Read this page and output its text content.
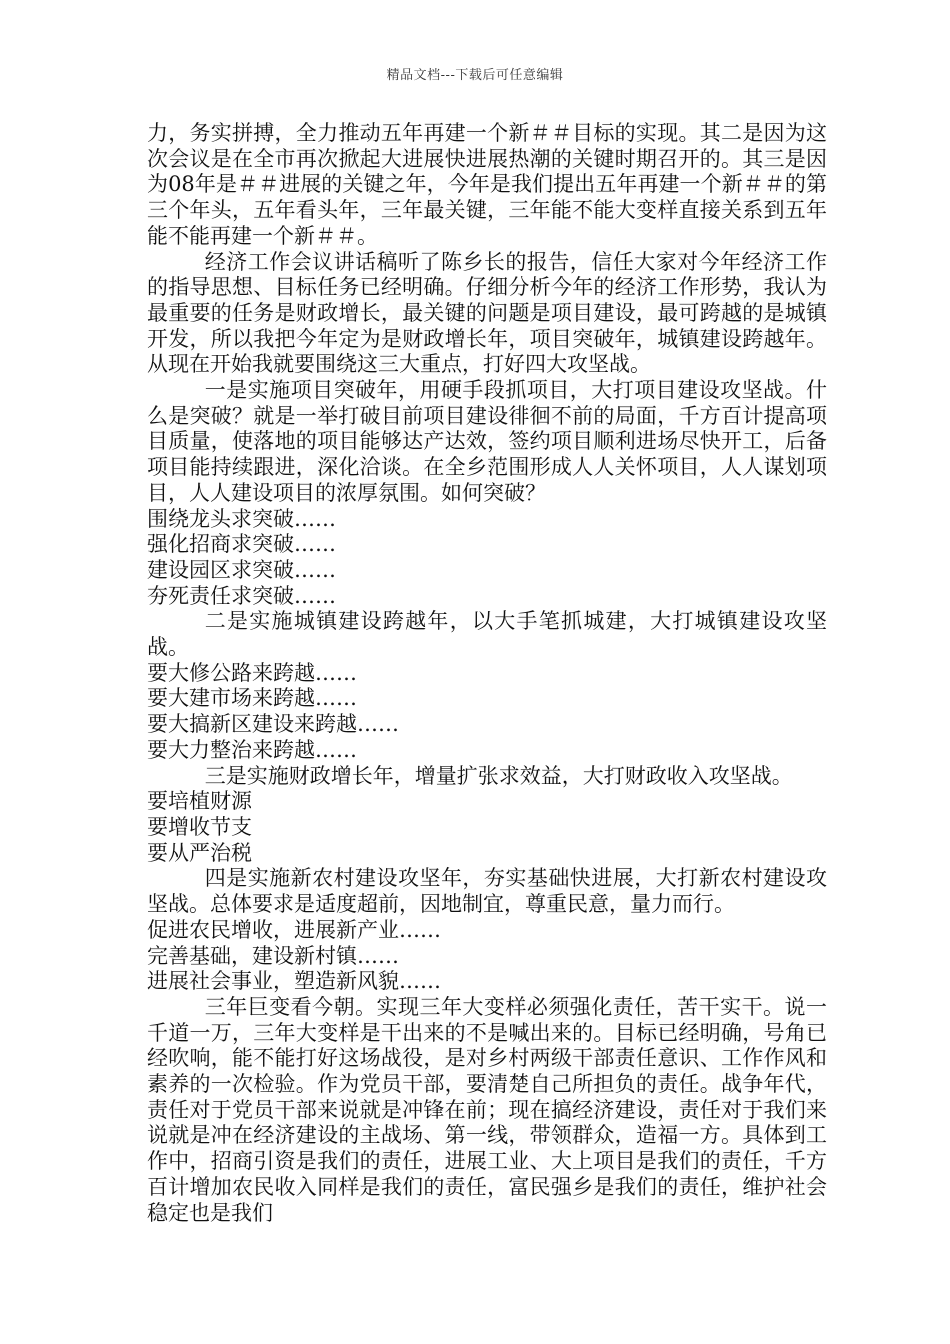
精品文档---下载后可任意编辑

力，务实拼搏，全力推动五年再建一个新＃＃目标的实现。其二是因为这次会议是在全市再次掀起大进展快进展热潮的关键时期召开的。其三是因为08年是＃＃进展的关键之年，今年是我们提出五年再建一个新＃＃的第三个年头，五年看头年，三年最关键，三年能不能大变样直接关系到五年能不能再建一个新＃＃。

经济工作会议讲话稿听了陈乡长的报告，信任大家对今年经济工作的指导思想、目标任务已经明确。仔细分析今年的经济工作形势，我认为最重要的任务是财政增长，最关键的问题是项目建设，最可跨越的是城镇开发，所以我把今年定为是财政增长年，项目突破年，城镇建设跨越年。从现在开始我就要围绕这三大重点，打好四大攻坚战。

一是实施项目突破年，用硬手段抓项目，大打项目建设攻坚战。什么是突破？就是一举打破目前项目建设徘徊不前的局面，千方百计提高项目质量，使落地的项目能够达产达效，签约项目顺利进场尽快开工，后备项目能持续跟进，深化洽谈。在全乡范围形成人人关怀项目，人人谋划项目，人人建设项目的浓厚氛围。如何突破？

围绕龙头求突破……

强化招商求突破……

建设园区求突破……

夯死责任求突破……

二是实施城镇建设跨越年，以大手笔抓城建，大打城镇建设攻坚战。

要大修公路来跨越……

要大建市场来跨越……

要大搞新区建设来跨越……

要大力整治来跨越……

三是实施财政增长年，增量扩张求效益，大打财政收入攻坚战。

要培植财源

要增收节支

要从严治税

四是实施新农村建设攻坚年，夯实基础快进展，大打新农村建设攻坚战。总体要求是适度超前，因地制宜，尊重民意，量力而行。

促进农民增收，进展新产业……

完善基础，建设新村镇……

进展社会事业，塑造新风貌……

三年巨变看今朝。实现三年大变样必须强化责任，苦干实干。说一千道一万，三年大变样是干出来的不是喊出来的。目标已经明确，号角已经吹响，能不能打好这场战役，是对乡村两级干部责任意识、工作作风和素养的一次检验。作为党员干部，要清楚自己所担负的责任。战争年代，责任对于党员干部来说就是冲锋在前；现在搞经济建设，责任对于我们来说就是冲在经济建设的主战场、第一线，带领群众，造福一方。具体到工作中，招商引资是我们的责任，进展工业、大上项目是我们的责任，千方百计增加农民收入同样是我们的责任，富民强乡是我们的责任，维护社会稳定也是我们
